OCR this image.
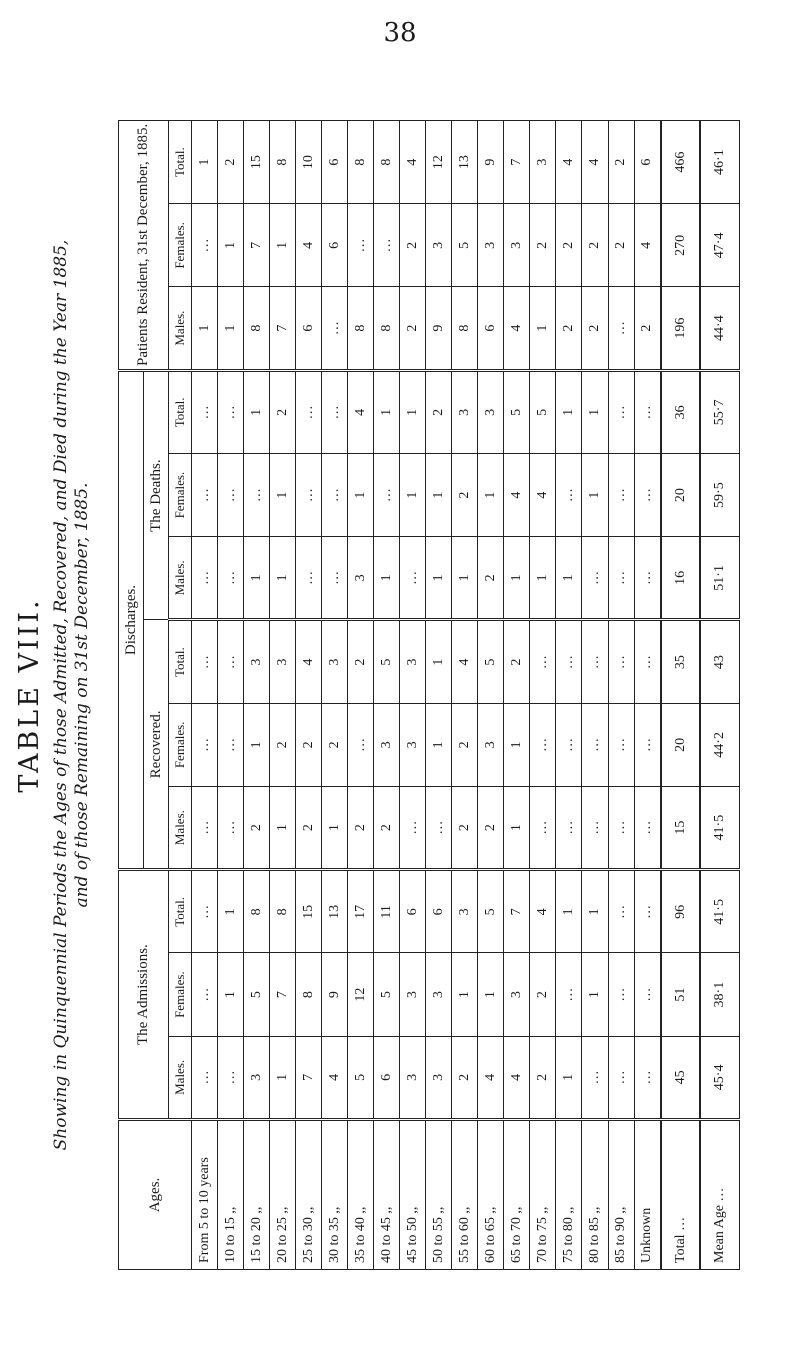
38
TABLE VIII. Showing in Quinquennial Periods the Ages of those Admitted, Recovered, and Died during the Year 1885, and of those Remaining on 31st December, 1885.
Ages.	The Admissions.			Discharges.						Patients Resident, 31st December, 1885.		
				Recovered.			The Deaths.					
	Males.	Females.	Total.	Males.	Females.	Total.	Males.	Females.	Total.	Males.	Females.	Total.
From 5 to 10 years	…	…	…	…	…	…	…	…	…	1	…	1
10 to 15 ,,	…	1	1	…	…	…	…	…	…	1	1	2
15 to 20 ,,	3	5	8	2	1	3	1	…	1	8	7	15
20 to 25 ,,	1	7	8	1	2	3	1	1	2	7	1	8
25 to 30 ,,	7	8	15	2	2	4	…	…	…	6	4	10
30 to 35 ,,	4	9	13	1	2	3	…	…	…	…	6	6
35 to 40 ,,	5	12	17	2	…	2	3	1	4	8	…	8
40 to 45 ,,	6	5	11	2	3	5	1	…	1	8	…	8
45 to 50 ,,	3	3	6	…	3	3	…	1	1	2	2	4
50 to 55 ,,	3	3	6	…	1	1	1	1	2	9	3	12
55 to 60 ,,	2	1	3	2	2	4	1	2	3	8	5	13
60 to 65 ,,	4	1	5	2	3	5	2	1	3	6	3	9
65 to 70 ,,	4	3	7	1	1	2	1	4	5	4	3	7
70 to 75 ,,	2	2	4	…	…	…	1	4	5	1	2	3
75 to 80 ,,	1	…	1	…	…	…	1	…	1	2	2	4
80 to 85 ,,	…	1	1	…	…	…	…	1	1	2	2	4
85 to 90 ,,	…	…	…	…	…	…	…	…	…	…	2	2
Unknown	…	…	…	…	…	…	…	…	…	2	4	6
Total …	45	51	96	15	20	35	16	20	36	196	270	466
Mean Age …	45·4	38·1	41·5	41·5	44·2	43	51·1	59·5	55·7	44·4	47·4	46·1
